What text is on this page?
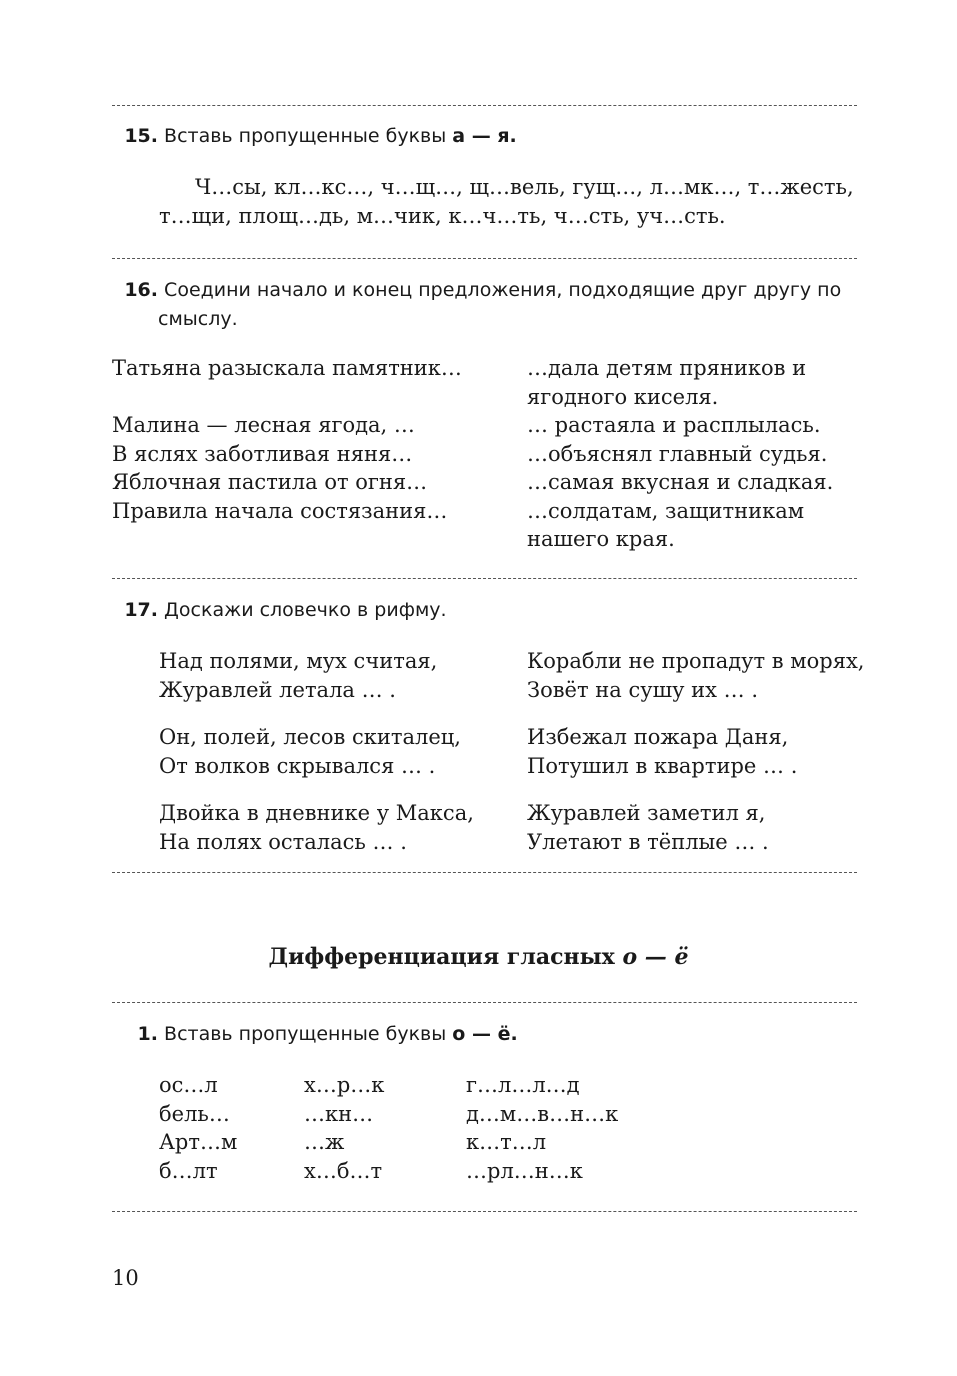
15. Вставь пропущенные буквы а — я.
Ч…сы, кл…кс…, ч…щ…, щ…вель, гущ…, л…мк…, т…жесть,
т…щи, площ…дь, м…чик, к…ч…ть, ч…сть, уч…сть.
16. Соедини начало и конец предложения, подходящие друг другу по
смыслу.
Татьяна разыскала памятник…
Малина — лесная ягода, …
В яслях заботливая няня…
Яблочная пастила от огня…
Правила начала состязания…
…дала детям пряников и
ягодного киселя.
… растаяла и расплылась.
…объяснял главный судья.
…самая вкусная и сладкая.
…солдатам, защитникам
нашего края.
17. Доскажи словечко в рифму.
Над полями, мух считая,
Журавлей летала … .
Он, полей, лесов скиталец,
От волков скрывался … .
Двойка в дневнике у Макса,
На полях осталась … .
Корабли не пропадут в морях,
Зовёт на сушу их … .
Избежал пожара Даня,
Потушил в квартире … .
Журавлей заметил я,
Улетают в тёплые … .
Дифференциация гласных о — ё
1. Вставь пропущенные буквы о — ё.
ос…л
бель…
Арт…м
б…лт
х…р…к
…кн…
…ж
х…б…т
г…л…л…д
д…м…в…н…к
к…т…л
…рл…н…к
10
